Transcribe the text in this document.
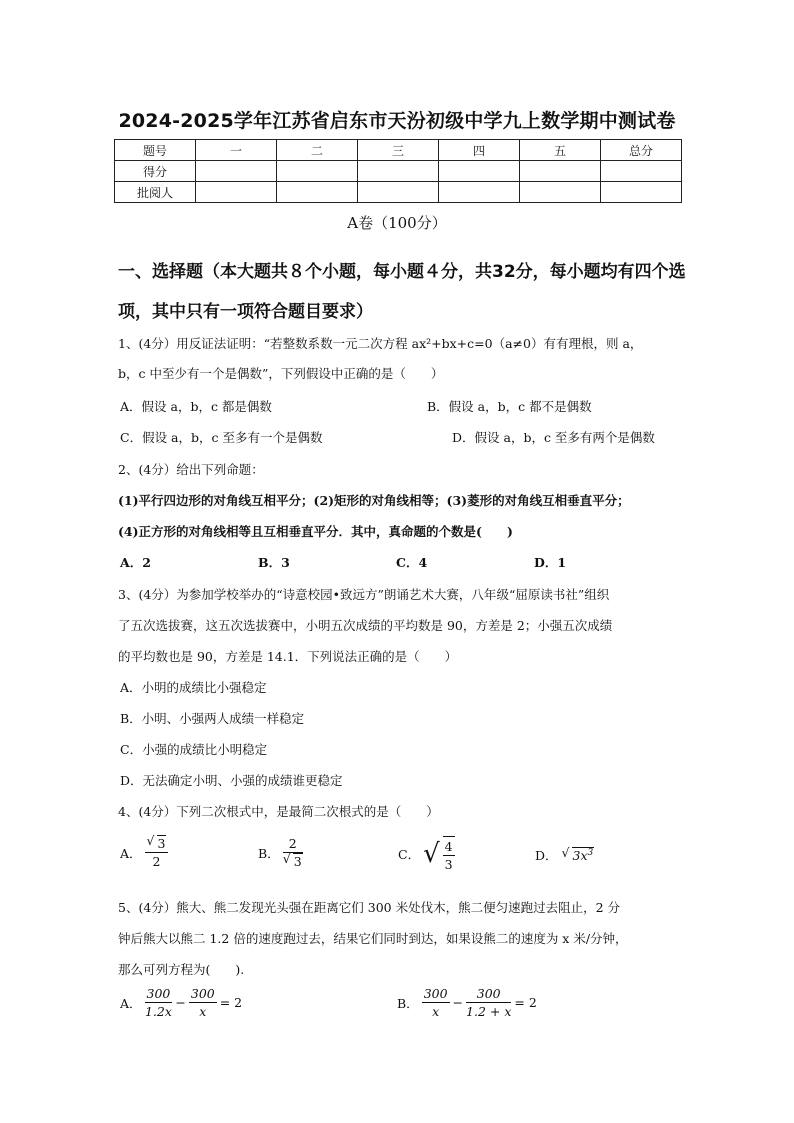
2024-2025学年江苏省启东市天汾初级中学九上数学期中测试卷
题号	一	二	三	四	五	总分
得分						
批阅人						
A卷（100分）
一、选择题（本大题共８个小题，每小题４分，共32分，每小题均有四个选项，其中只有一项符合题目要求）
1、(4分）用反证法证明：“若整数系数一元二次方程 ax²+bx+c=0（a≠0）有有理根，则 a，
b，c 中至少有一个是偶数”，下列假设中正确的是（　　）
A．假设 a，b，c 都是偶数	B．假设 a，b，c 都不是偶数
C．假设 a，b，c 至多有一个是偶数	D．假设 a，b，c 至多有两个是偶数
2、(4分）给出下列命题：
(1)平行四边形的对角线互相平分；(2)矩形的对角线相等；(3)菱形的对角线互相垂直平分；
(4)正方形的对角线相等且互相垂直平分．其中，真命题的个数是(　　)
A．2	B．3	C．4	D．1
3、(4分）为参加学校举办的“诗意校园•致远方”朗诵艺术大赛，八年级“屈原读书社”组织
了五次选拔赛，这五次选拔赛中，小明五次成绩的平均数是 90，方差是 2；小强五次成绩
的平均数也是 90，方差是 14.1．下列说法正确的是（　　）
A．小明的成绩比小强稳定
B．小明、小强两人成绩一样稳定
C．小强的成绩比小明稳定
D．无法确定小明、小强的成绩谁更稳定
4、(4分）下列二次根式中，是最简二次根式的是（　　）
A． $\frac{√ 3}{2}$	B． $\frac{2}{√ 3}$	C． √ $\frac{4}{3}$	D． √ $3x^3$
5、(4分）熊大、熊二发现光头强在距离它们 300 米处伐木，熊二便匀速跑过去阻止，2 分
钟后熊大以熊二 1.2 倍的速度跑过去，结果它们同时到达，如果设熊二的速度为 x 米/分钟，
那么可列方程为(　　).
A． $\frac{300}{1.2x} - \frac{300}{x} = 2$	B． $\frac{300}{x} - \frac{300}{1.2 + x} = 2$
